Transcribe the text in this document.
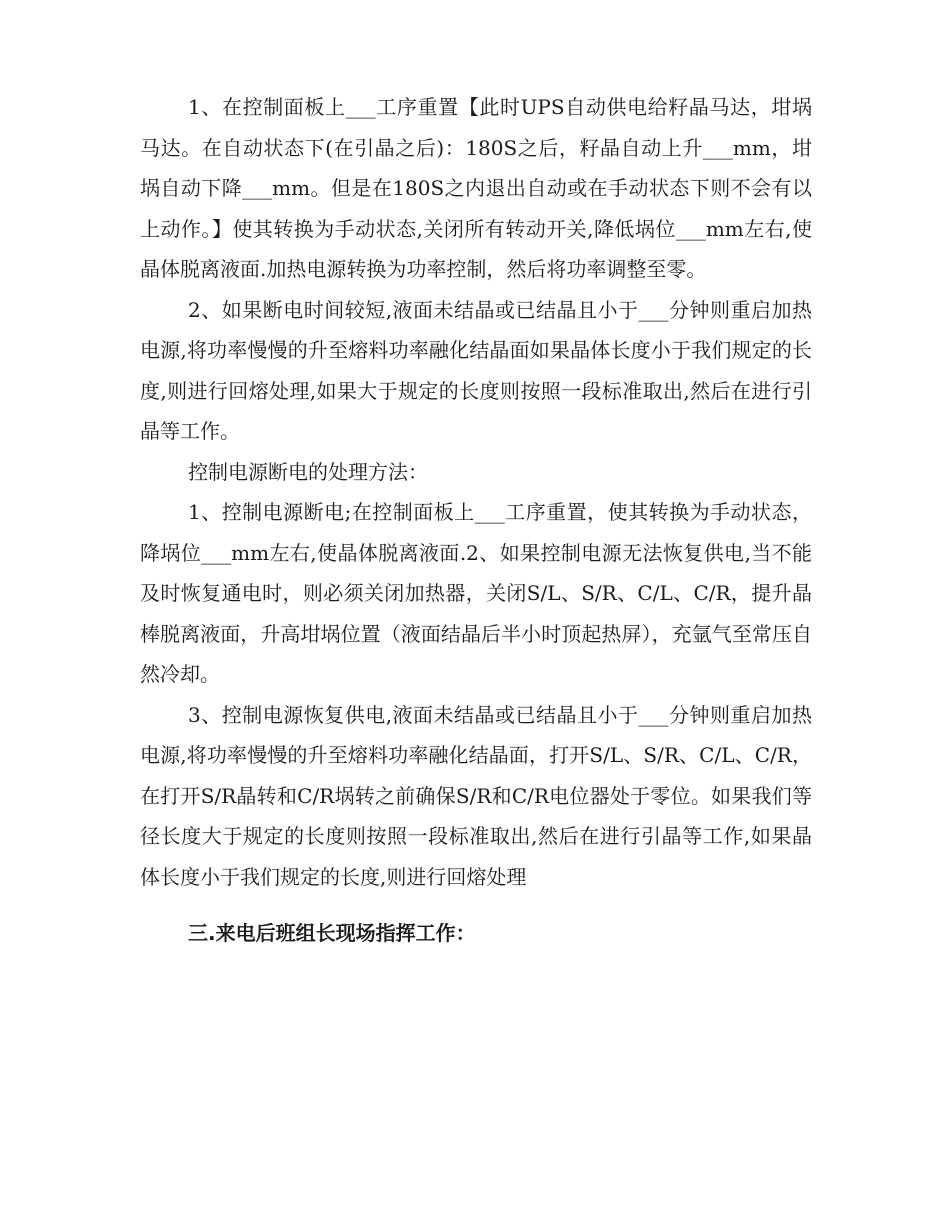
1、在控制面板上___工序重置【此时UPS自动供电给籽晶马达，坩埚马达。在自动状态下(在引晶之后)：180S之后，籽晶自动上升___mm，坩埚自动下降___mm。但是在180S之内退出自动或在手动状态下则不会有以上动作。】使其转换为手动状态,关闭所有转动开关,降低埚位___mm左右,使晶体脱离液面.加热电源转换为功率控制，然后将功率调整至零。

2、如果断电时间较短,液面未结晶或已结晶且小于___分钟则重启加热电源,将功率慢慢的升至熔料功率融化结晶面如果晶体长度小于我们规定的长度,则进行回熔处理,如果大于规定的长度则按照一段标准取出,然后在进行引晶等工作。

控制电源断电的处理方法：

1、控制电源断电;在控制面板上___工序重置，使其转换为手动状态，降埚位___mm左右,使晶体脱离液面.2、如果控制电源无法恢复供电,当不能及时恢复通电时，则必须关闭加热器，关闭S/L、S/R、C/L、C/R，提升晶棒脱离液面，升高坩埚位置（液面结晶后半小时顶起热屏），充氩气至常压自然冷却。

3、控制电源恢复供电,液面未结晶或已结晶且小于___分钟则重启加热电源,将功率慢慢的升至熔料功率融化结晶面，打开S/L、S/R、C/L、C/R，在打开S/R晶转和C/R埚转之前确保S/R和C/R电位器处于零位。如果我们等径长度大于规定的长度则按照一段标准取出,然后在进行引晶等工作,如果晶体长度小于我们规定的长度,则进行回熔处理

三.来电后班组长现场指挥工作：
